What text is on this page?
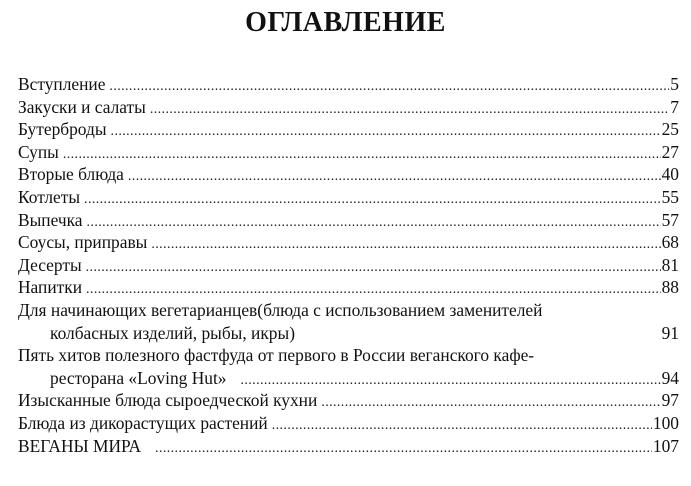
ОГЛАВЛЕНИЕ
Вступление .....	5
Закуски и салаты .....	7
Бутерброды .....	25
Супы .....	27
Вторые блюда .....	40
Котлеты .....	55
Выпечка .....	57
Соусы, приправы .....	68
Десерты .....	81
Напитки .....	88
Для начинающих вегетарианцев(блюда с использованием заменителей
колбасных изделий, рыбы, икры)	91
Пять хитов полезного фастфуда от первого в России веганского кафе-
ресторана «Loving Hut» .....	94
Изысканные блюда сыроедческой кухни .....	97
Блюда из дикорастущих растений .....	100
ВЕГАНЫ МИРА .....	107
